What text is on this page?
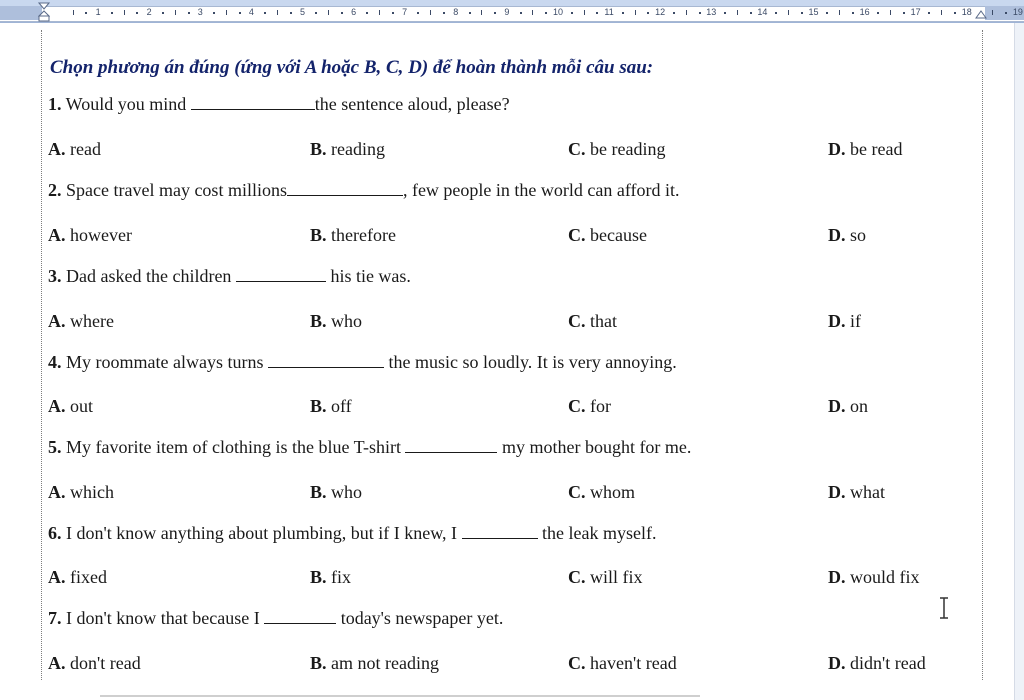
1	2	3	4	5	6	7	8	9	10	11	12	13	14	15	16	17	18	19
Chọn phương án đúng (ứng với A hoặc B, C, D) để hoàn thành mỗi câu sau:
1. Would you mind	the sentence aloud, please?
A. read	B. reading	C. be reading	D. be read
2. Space travel may cost millions	, few people in the world can afford it.
A. however	B. therefore	C. because	D. so
3. Dad asked the children	his tie was.
A. where	B. who	C. that	D. if
4. My roommate always turns	the music so loudly. It is very annoying.
A. out	B. off	C. for	D. on
5. My favorite item of clothing is the blue T-shirt	my mother bought for me.
A. which	B. who	C. whom	D. what
6. I don't know anything about plumbing, but if I knew, I	the leak myself.
A. fixed	B. fix	C. will fix	D. would fix
7. I don't know that because I	today's newspaper yet.
A. don't read	B. am not reading	C. haven't read	D. didn't read
